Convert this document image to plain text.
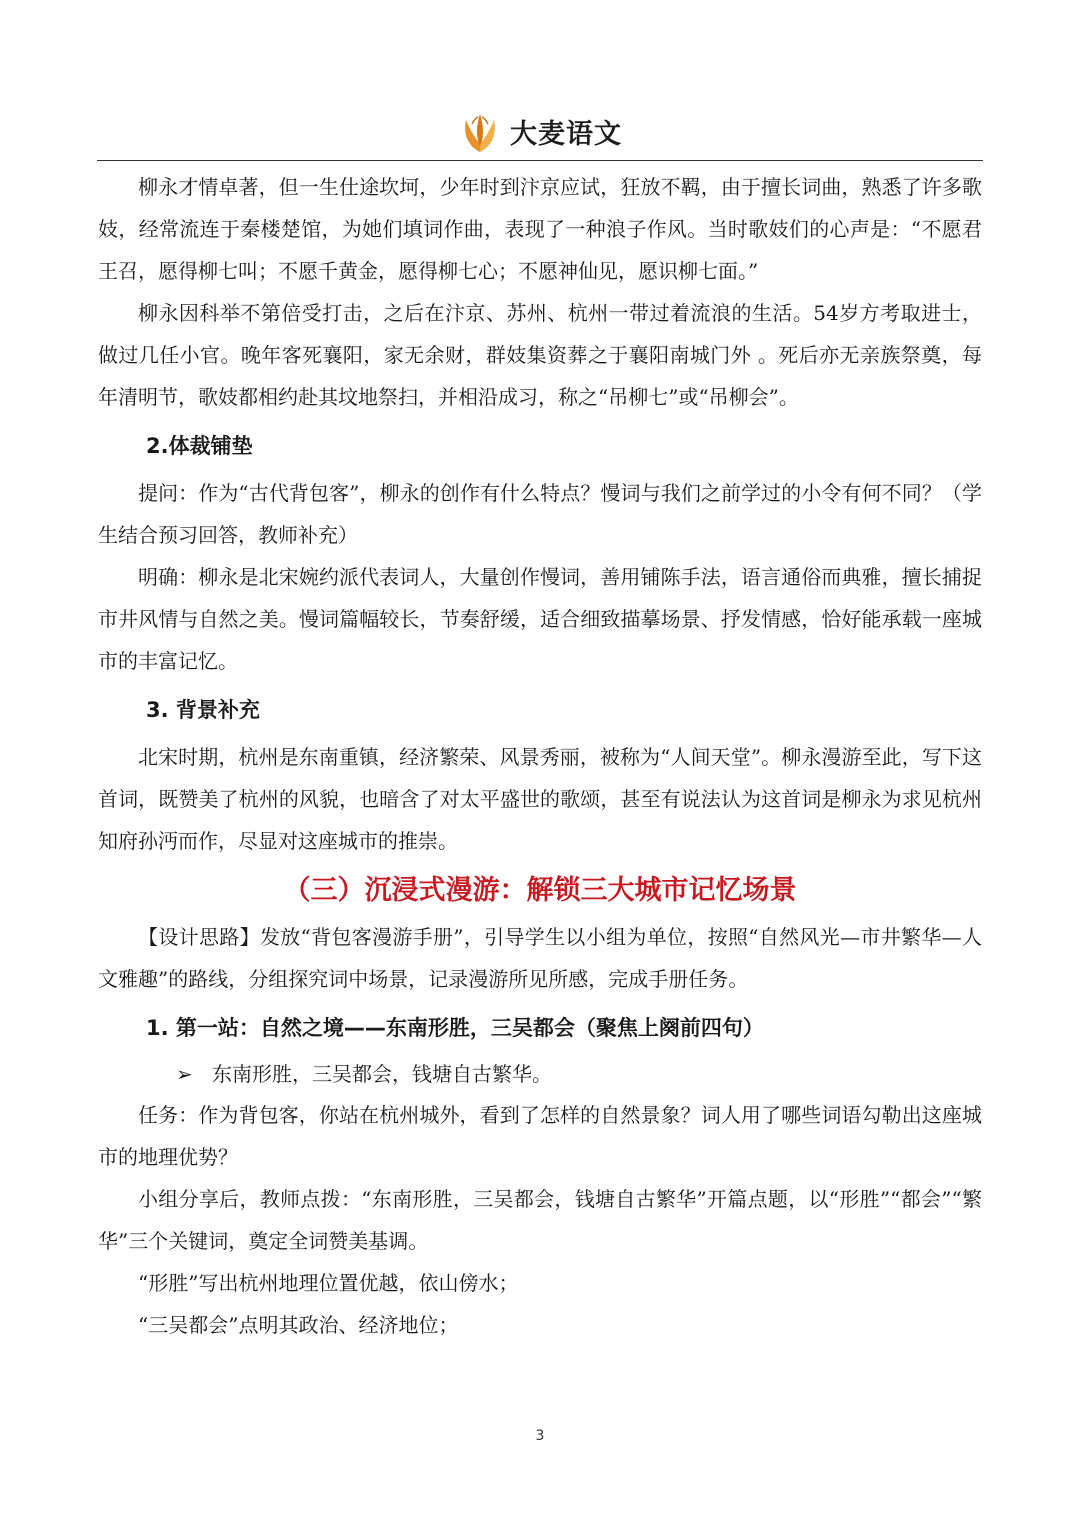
大麦语文

柳永才情卓著，但一生仕途坎坷，少年时到汴京应试，狂放不羁，由于擅长词曲，熟悉了许多歌妓，经常流连于秦楼楚馆，为她们填词作曲，表现了一种浪子作风。当时歌妓们的心声是：“不愿君王召，愿得柳七叫；不愿千黄金，愿得柳七心；不愿神仙见，愿识柳七面。”

柳永因科举不第倍受打击，之后在汴京、苏州、杭州一带过着流浪的生活。54岁方考取进士，做过几任小官。晚年客死襄阳，家无余财，群妓集资葬之于襄阳南城门外 。死后亦无亲族祭奠，每年清明节，歌妓都相约赴其坟地祭扫，并相沿成习，称之“吊柳七”或“吊柳会”。

2.体裁铺垫

提问：作为“古代背包客”，柳永的创作有什么特点？慢词与我们之前学过的小令有何不同？（学生结合预习回答，教师补充）

明确：柳永是北宋婉约派代表词人，大量创作慢词，善用铺陈手法，语言通俗而典雅，擅长捕捉市井风情与自然之美。慢词篇幅较长，节奏舒缓，适合细致描摹场景、抒发情感，恰好能承载一座城市的丰富记忆。

3. 背景补充

北宋时期，杭州是东南重镇，经济繁荣、风景秀丽，被称为“人间天堂”。柳永漫游至此，写下这首词，既赞美了杭州的风貌，也暗含了对太平盛世的歌颂，甚至有说法认为这首词是柳永为求见杭州知府孙沔而作，尽显对这座城市的推崇。

（三）沉浸式漫游：解锁三大城市记忆场景

【设计思路】发放“背包客漫游手册”，引导学生以小组为单位，按照“自然风光—市井繁华—人文雅趣”的路线，分组探究词中场景，记录漫游所见所感，完成手册任务。

1. 第一站：自然之境——东南形胜，三吴都会（聚焦上阕前四句）
➢ 东南形胜，三吴都会，钱塘自古繁华。

任务：作为背包客，你站在杭州城外，看到了怎样的自然景象？词人用了哪些词语勾勒出这座城市的地理优势？

小组分享后，教师点拨：“东南形胜，三吴都会，钱塘自古繁华”开篇点题，以“形胜”“都会”“繁华”三个关键词，奠定全词赞美基调。

“形胜”写出杭州地理位置优越，依山傍水；

“三吴都会”点明其政治、经济地位；

3
